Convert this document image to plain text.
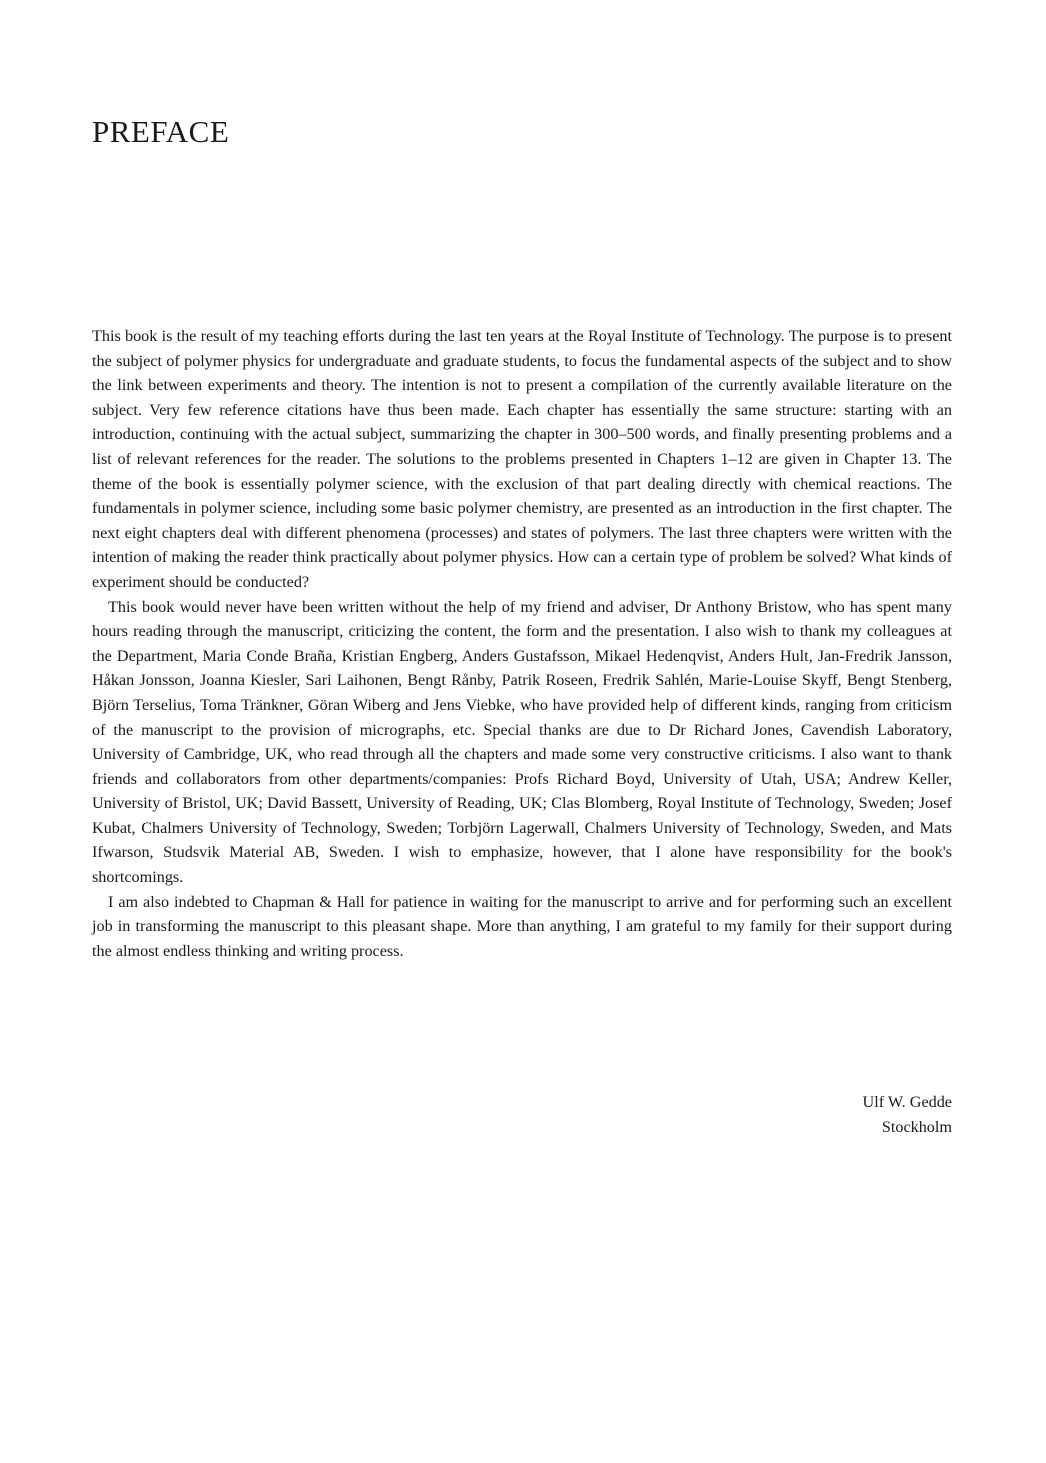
PREFACE

This book is the result of my teaching efforts during the last ten years at the Royal Institute of Technology. The purpose is to present the subject of polymer physics for undergraduate and graduate students, to focus the fundamental aspects of the subject and to show the link between experiments and theory. The intention is not to present a compilation of the currently available literature on the subject. Very few reference citations have thus been made. Each chapter has essentially the same structure: starting with an introduction, continuing with the actual subject, summarizing the chapter in 300–500 words, and finally presenting problems and a list of relevant references for the reader. The solutions to the problems presented in Chapters 1–12 are given in Chapter 13. The theme of the book is essentially polymer science, with the exclusion of that part dealing directly with chemical reactions. The fundamentals in polymer science, including some basic polymer chemistry, are presented as an introduction in the first chapter. The next eight chapters deal with different phenomena (processes) and states of polymers. The last three chapters were written with the intention of making the reader think practically about polymer physics. How can a certain type of problem be solved? What kinds of experiment should be conducted?

This book would never have been written without the help of my friend and adviser, Dr Anthony Bristow, who has spent many hours reading through the manuscript, criticizing the content, the form and the presentation. I also wish to thank my colleagues at the Department, Maria Conde Braña, Kristian Engberg, Anders Gustafsson, Mikael Hedenqvist, Anders Hult, Jan-Fredrik Jansson, Håkan Jonsson, Joanna Kiesler, Sari Laihonen, Bengt Rånby, Patrik Roseen, Fredrik Sahlén, Marie-Louise Skyff, Bengt Stenberg, Björn Terselius, Toma Tränkner, Göran Wiberg and Jens Viebke, who have provided help of different kinds, ranging from criticism of the manuscript to the provision of micrographs, etc. Special thanks are due to Dr Richard Jones, Cavendish Laboratory, University of Cambridge, UK, who read through all the chapters and made some very constructive criticisms. I also want to thank friends and collaborators from other departments/companies: Profs Richard Boyd, University of Utah, USA; Andrew Keller, University of Bristol, UK; David Bassett, University of Reading, UK; Clas Blomberg, Royal Institute of Technology, Sweden; Josef Kubat, Chalmers University of Technology, Sweden; Torbjörn Lagerwall, Chalmers University of Technology, Sweden, and Mats Ifwarson, Studsvik Material AB, Sweden. I wish to emphasize, however, that I alone have responsibility for the book's shortcomings.

I am also indebted to Chapman & Hall for patience in waiting for the manuscript to arrive and for performing such an excellent job in transforming the manuscript to this pleasant shape. More than anything, I am grateful to my family for their support during the almost endless thinking and writing process.

Ulf W. Gedde
Stockholm
